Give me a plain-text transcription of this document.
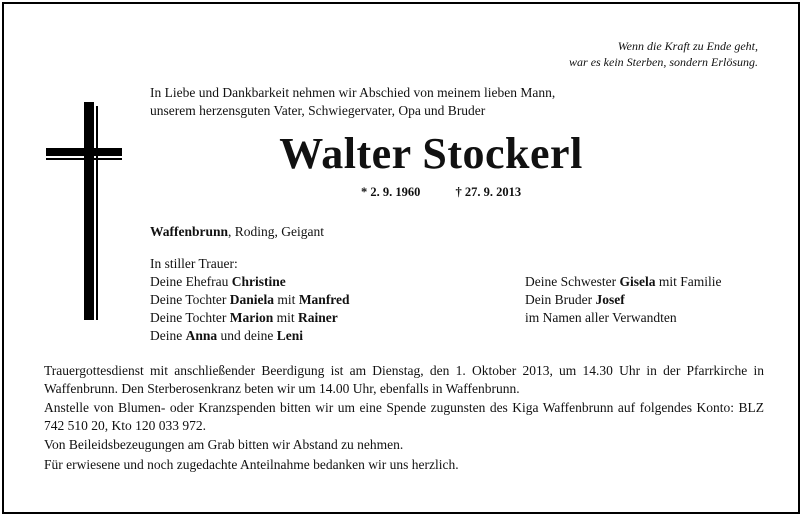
Wenn die Kraft zu Ende geht,
war es kein Sterben, sondern Erlösung.
In Liebe und Dankbarkeit nehmen wir Abschied von meinem lieben Mann,
unserem herzensguten Vater, Schwiegervater, Opa und Bruder
Walter Stockerl
* 2. 9. 1960	† 27. 9. 2013
Waffenbrunn, Roding, Geigant
In stiller Trauer:
Deine Ehefrau Christine
Deine Tochter Daniela mit Manfred
Deine Tochter Marion mit Rainer
Deine Anna und deine Leni
Deine Schwester Gisela mit Familie
Dein Bruder Josef
im Namen aller Verwandten

Trauergottesdienst mit anschließender Beerdigung ist am Dienstag, den 1. Oktober 2013, um 14.30 Uhr in der Pfarrkirche in Waffenbrunn. Den Sterberosenkranz beten wir um 14.00 Uhr, ebenfalls in Waffenbrunn.

Anstelle von Blumen- oder Kranzspenden bitten wir um eine Spende zugunsten des Kiga Waffenbrunn auf folgendes Konto: BLZ 742 510 20, Kto 120 033 972.

Von Beileidsbezeugungen am Grab bitten wir Abstand zu nehmen.

Für erwiesene und noch zugedachte Anteilnahme bedanken wir uns herzlich.
